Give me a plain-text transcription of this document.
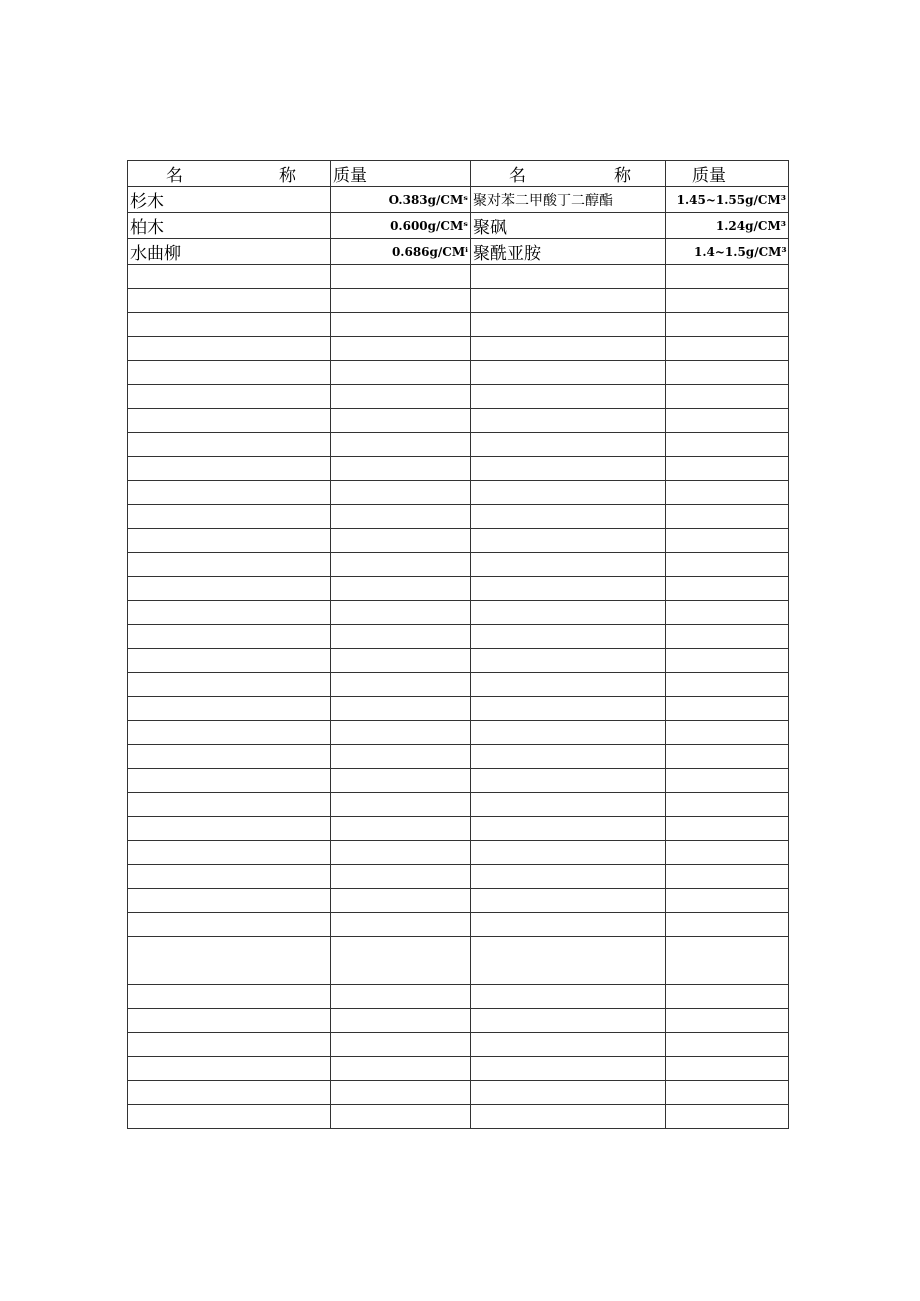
名 称	质量	名 称	质量
杉木	O.383g∕CMˢ	聚对苯二甲酸丁二醇酯	1.45~1.55g∕CM³
柏木	0.600g∕CMˢ	聚砜	1.24g∕CM³
水曲柳	0.686g∕CMⁱ	聚酰亚胺	1.4~1.5g∕CM³
